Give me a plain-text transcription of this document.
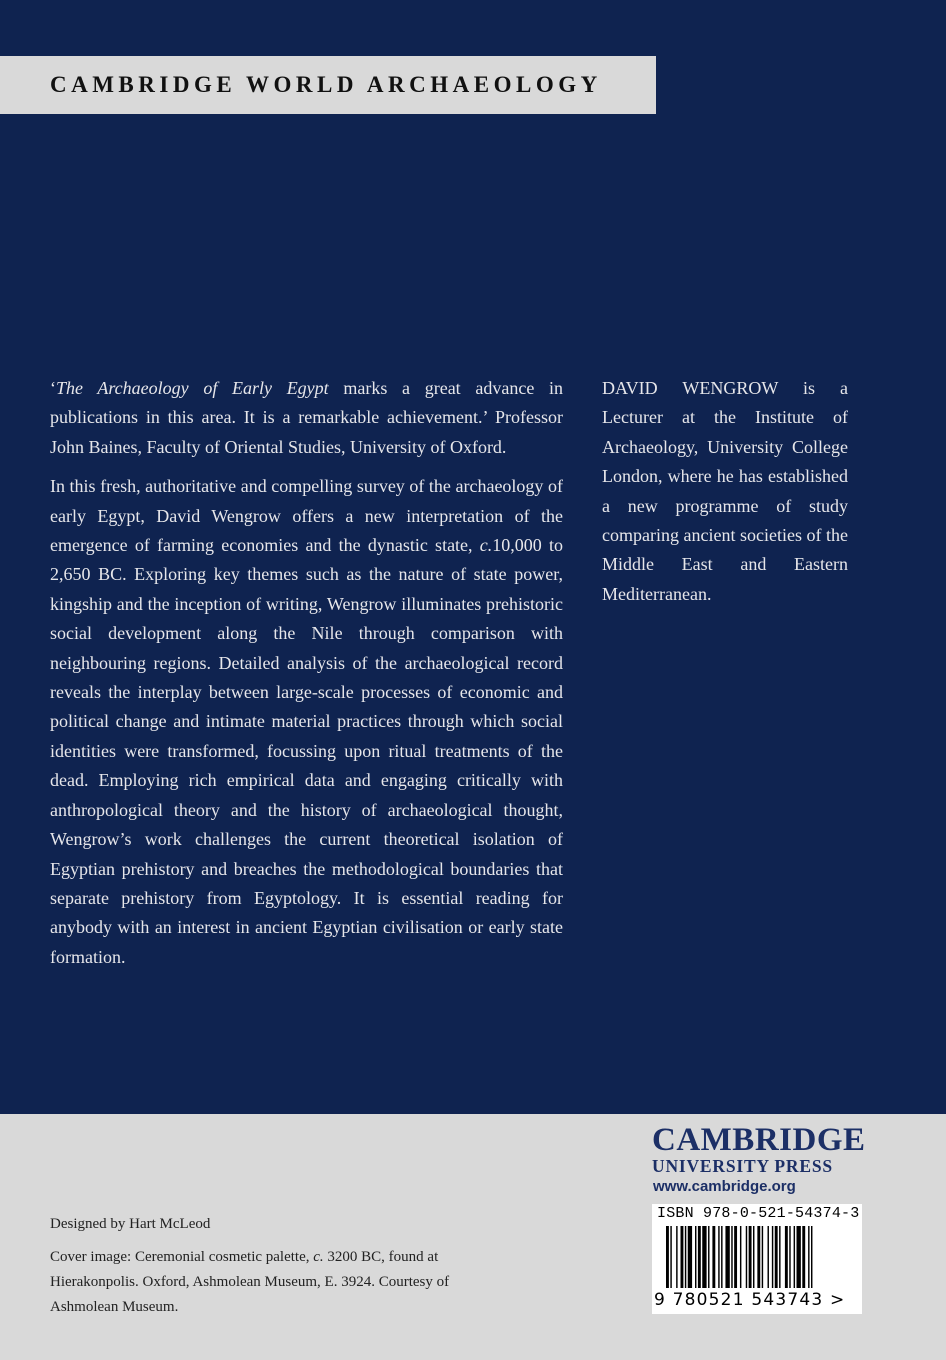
CAMBRIDGE WORLD ARCHAEOLOGY

‘The Archaeology of Early Egypt marks a great advance in publications in this area. It is a remarkable achievement.’ Professor John Baines, Faculty of Oriental Studies, University of Oxford.

In this fresh, authoritative and compelling survey of the archaeology of early Egypt, David Wengrow offers a new interpretation of the emergence of farming economies and the dynastic state, c.10,000 to 2,650 BC. Exploring key themes such as the nature of state power, kingship and the inception of writing, Wengrow illuminates prehistoric social development along the Nile through comparison with neighbouring regions. Detailed analysis of the archaeological record reveals the interplay between large-scale processes of economic and political change and intimate material practices through which social identities were transformed, focussing upon ritual treatments of the dead. Employing rich empirical data and engaging critically with anthropological theory and the history of archaeological thought, Wengrow’s work challenges the current theoretical isolation of Egyptian prehistory and breaches the methodological boundaries that separate prehistory from Egyptology. It is essential reading for anybody with an interest in ancient Egyptian civilisation or early state formation.

DAVID WENGROW is a Lecturer at the Institute of Archaeology, University College London, where he has established a new programme of study comparing ancient societies of the Middle East and Eastern Mediterranean.

Designed by Hart McLeod

Cover image: Ceremonial cosmetic palette, c. 3200 BC, found at Hierakonpolis. Oxford, Ashmolean Museum, E. 3924. Courtesy of Ashmolean Museum.

CAMBRIDGE
UNIVERSITY PRESS
www.cambridge.org
ISBN 978-0-521-54374-3
9 780521 543743 >
